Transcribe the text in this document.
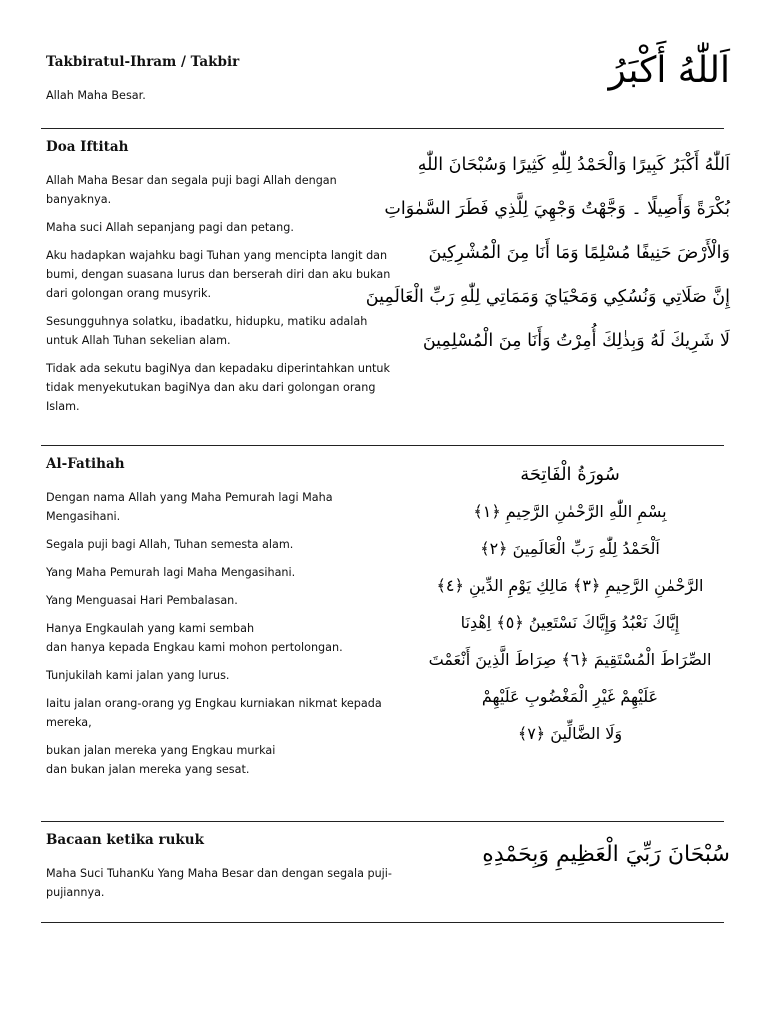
Takbiratul-Ihram / Takbir

Allah Maha Besar.

اَللّٰهُ أَكْبَرُ
Doa Iftitah

Allah Maha Besar dan segala puji bagi Allah dengan banyaknya.

Maha suci Allah sepanjang pagi dan petang.

Aku hadapkan wajahku bagi Tuhan yang mencipta langit dan bumi, dengan suasana lurus dan berserah diri dan aku bukan dari golongan orang musyrik.

Sesungguhnya solatku, ibadatku, hidupku, matiku adalah untuk Allah Tuhan sekelian alam.

Tidak ada sekutu bagiNya dan kepadaku diperintahkan untuk tidak menyekutukan bagiNya dan aku dari golongan orang Islam.

اَللّٰهُ أَكْبَرُ كَبِيرًا وَالْحَمْدُ لِلّٰهِ كَثِيرًا وَسُبْحَانَ اللّٰهِ
بُكْرَةً وَأَصِيلًا ۔ وَجَّهْتُ وَجْهِيَ لِلَّذِي فَطَرَ السَّمٰوَاتِ
وَالْأَرْضَ حَنِيفًا مُسْلِمًا وَمَا أَنَا مِنَ الْمُشْرِكِينَ
إِنَّ صَلَاتِي وَنُسُكِي وَمَحْيَايَ وَمَمَاتِي لِلّٰهِ رَبِّ الْعَالَمِينَ
لَا شَرِيكَ لَهُ وَبِذٰلِكَ أُمِرْتُ وَأَنَا مِنَ الْمُسْلِمِينَ
Al-Fatihah

Dengan nama Allah yang Maha Pemurah lagi Maha Mengasihani.

Segala puji bagi Allah, Tuhan semesta alam.

Yang Maha Pemurah lagi Maha Mengasihani.

Yang Menguasai Hari Pembalasan.

Hanya Engkaulah yang kami sembah
dan hanya kepada Engkau kami mohon pertolongan.

Tunjukilah kami jalan yang lurus.

Iaitu jalan orang-orang yg Engkau kurniakan nikmat kepada mereka,

bukan jalan mereka yang Engkau murkai
dan bukan jalan mereka yang sesat.

سُورَةُ الْفَاتِحَة
بِسْمِ اللّٰهِ الرَّحْمٰنِ الرَّحِيمِ ﴿١﴾
اَلْحَمْدُ لِلّٰهِ رَبِّ الْعَالَمِينَ ﴿٢﴾
الرَّحْمٰنِ الرَّحِيمِ ﴿٣﴾ مَالِكِ يَوْمِ الدِّينِ ﴿٤﴾
إِيَّاكَ نَعْبُدُ وَإِيَّاكَ نَسْتَعِينُ ﴿٥﴾ اِهْدِنَا
الصِّرَاطَ الْمُسْتَقِيمَ ﴿٦﴾ صِرَاطَ الَّذِينَ أَنْعَمْتَ
عَلَيْهِمْ غَيْرِ الْمَغْضُوبِ عَلَيْهِمْ
وَلَا الضَّالِّينَ ﴿٧﴾
Bacaan ketika rukuk

Maha Suci TuhanKu Yang Maha Besar dan dengan segala puji-pujiannya.

سُبْحَانَ رَبِّيَ الْعَظِيمِ وَبِحَمْدِهِ
